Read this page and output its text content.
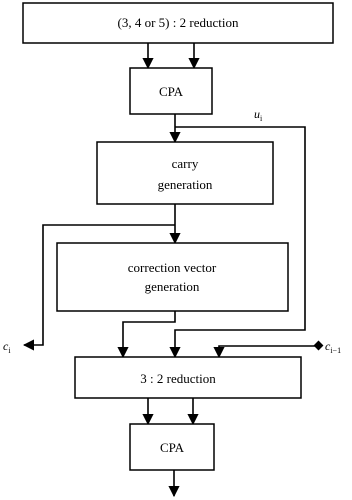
(3, 4 or 5) : 2 reduction
CPA
$u_i$
carry
generation
$c_i$
correction vector
generation
$c_{i-1}$
3 : 2 reduction
CPA
